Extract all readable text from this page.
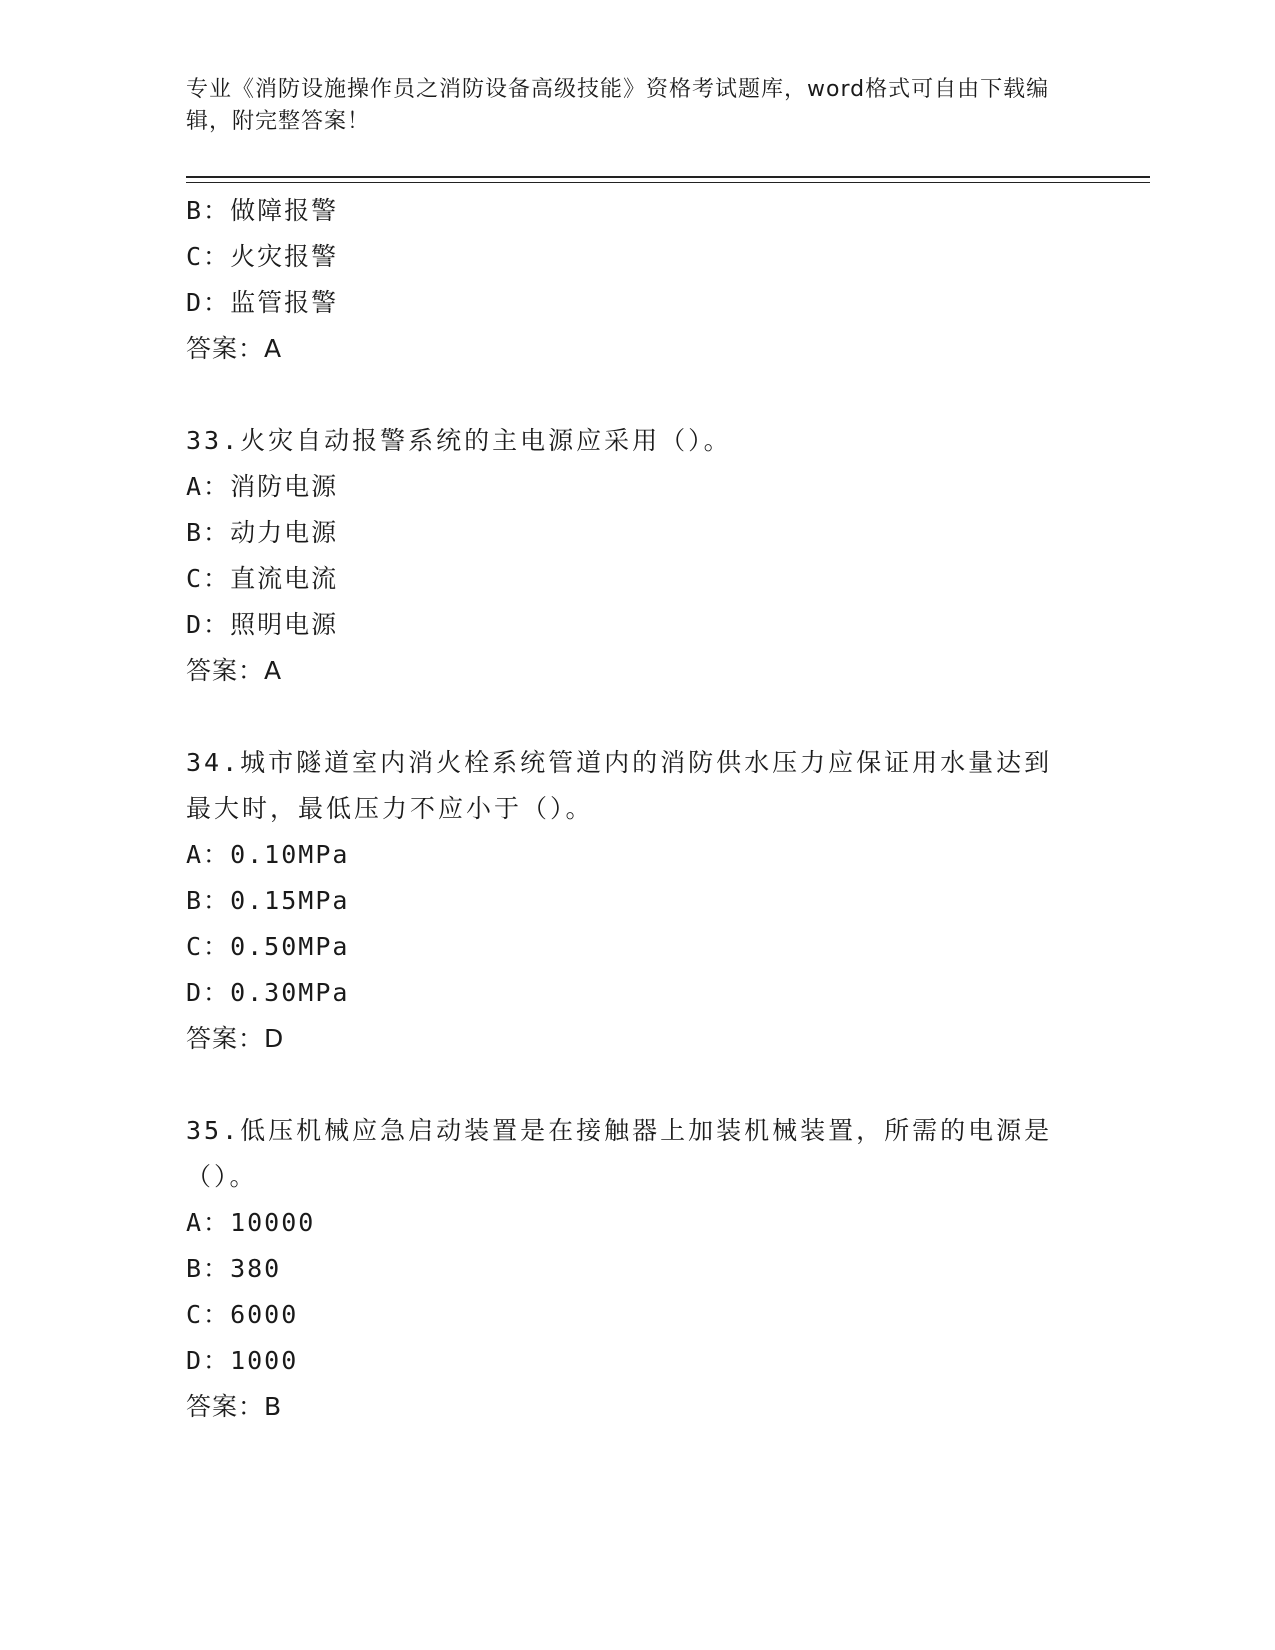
专业《消防设施操作员之消防设备高级技能》资格考试题库，word格式可自由下载编辑，附完整答案！
B：做障报警
C：火灾报警
D：监管报警
答案：A
33.火灾自动报警系统的主电源应采用（）。
A：消防电源
B：动力电源
C：直流电流
D：照明电源
答案：A
34.城市隧道室内消火栓系统管道内的消防供水压力应保证用水量达到最大时，最低压力不应小于（）。
A：0.10MPa
B：0.15MPa
C：0.50MPa
D：0.30MPa
答案：D
35.低压机械应急启动装置是在接触器上加装机械装置，所需的电源是（）。
A：10000
B：380
C：6000
D：1000
答案：B
